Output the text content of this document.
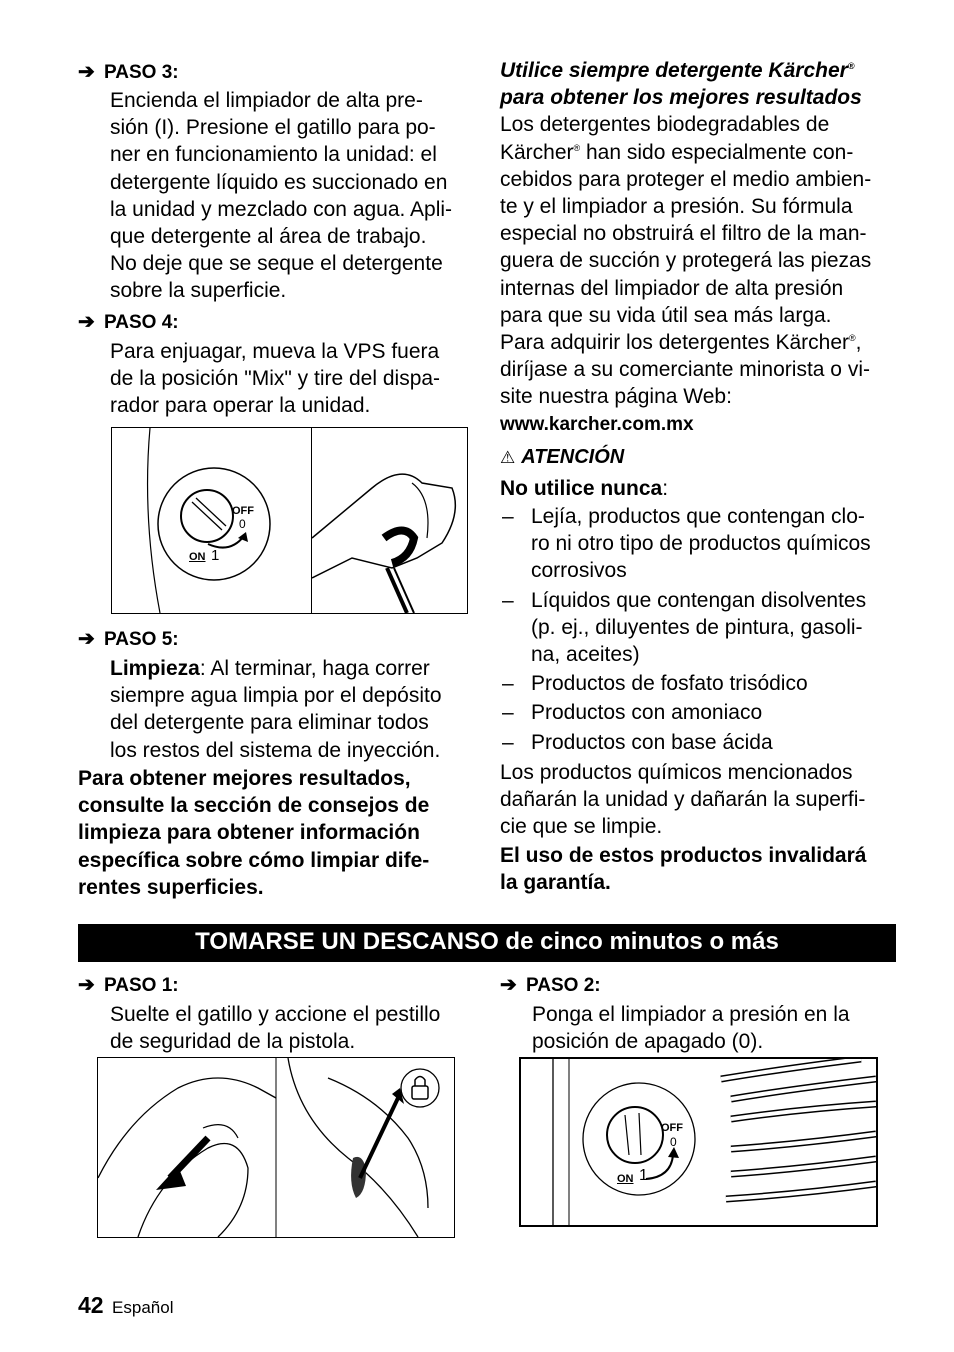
➔ PASO 3:
Encienda el limpiador de alta pre-
sión (I). Presione el gatillo para po-
ner en funcionamiento la unidad: el
detergente líquido es succionado en
la unidad y mezclado con agua. Apli-
que detergente al área de trabajo.
No deje que se seque el detergente
sobre la superficie.
➔ PASO 4:
Para enjuagar, mueva la VPS fuera
de la posición "Mix" y tire del dispa-
rador para operar la unidad.
OFF
0
ON 1
➔ PASO 5:
Limpieza: Al terminar, haga correr
siempre agua limpia por el depósito
del detergente para eliminar todos
los restos del sistema de inyección.
Para obtener mejores resultados,
consulte la sección de consejos de
limpieza para obtener información
específica sobre cómo limpiar dife-
rentes superficies.
Utilice siempre detergente Kärcher®
para obtener los mejores resultados
Los detergentes biodegradables de
Kärcher® han sido especialmente con-
cebidos para proteger el medio ambien-
te y el limpiador a presión. Su fórmula
especial no obstruirá el filtro de la man-
guera de succión y protegerá las piezas
internas del limpiador de alta presión
para que su vida útil sea más larga.
Para adquirir los detergentes Kärcher®,
diríjase a su comerciante minorista o vi-
site nuestra página Web:
www.karcher.com.mx
⚠ ATENCIÓN
No utilice nunca:
– Lejía, productos que contengan clo-
ro ni otro tipo de productos químicos
corrosivos
– Líquidos que contengan disolventes
(p. ej., diluyentes de pintura, gasoli-
na, aceites)
– Productos de fosfato trisódico
– Productos con amoniaco
– Productos con base ácida
Los productos químicos mencionados
dañarán la unidad y dañarán la superfi-
cie que se limpie.
El uso de estos productos invalidará
la garantía.
TOMARSE UN DESCANSO de cinco minutos o más
➔ PASO 1:
Suelte el gatillo y accione el pestillo
de seguridad de la pistola.
➔ PASO 2:
Ponga el limpiador a presión en la
posición de apagado (0).
OFF
0
ON 1
42 Español
